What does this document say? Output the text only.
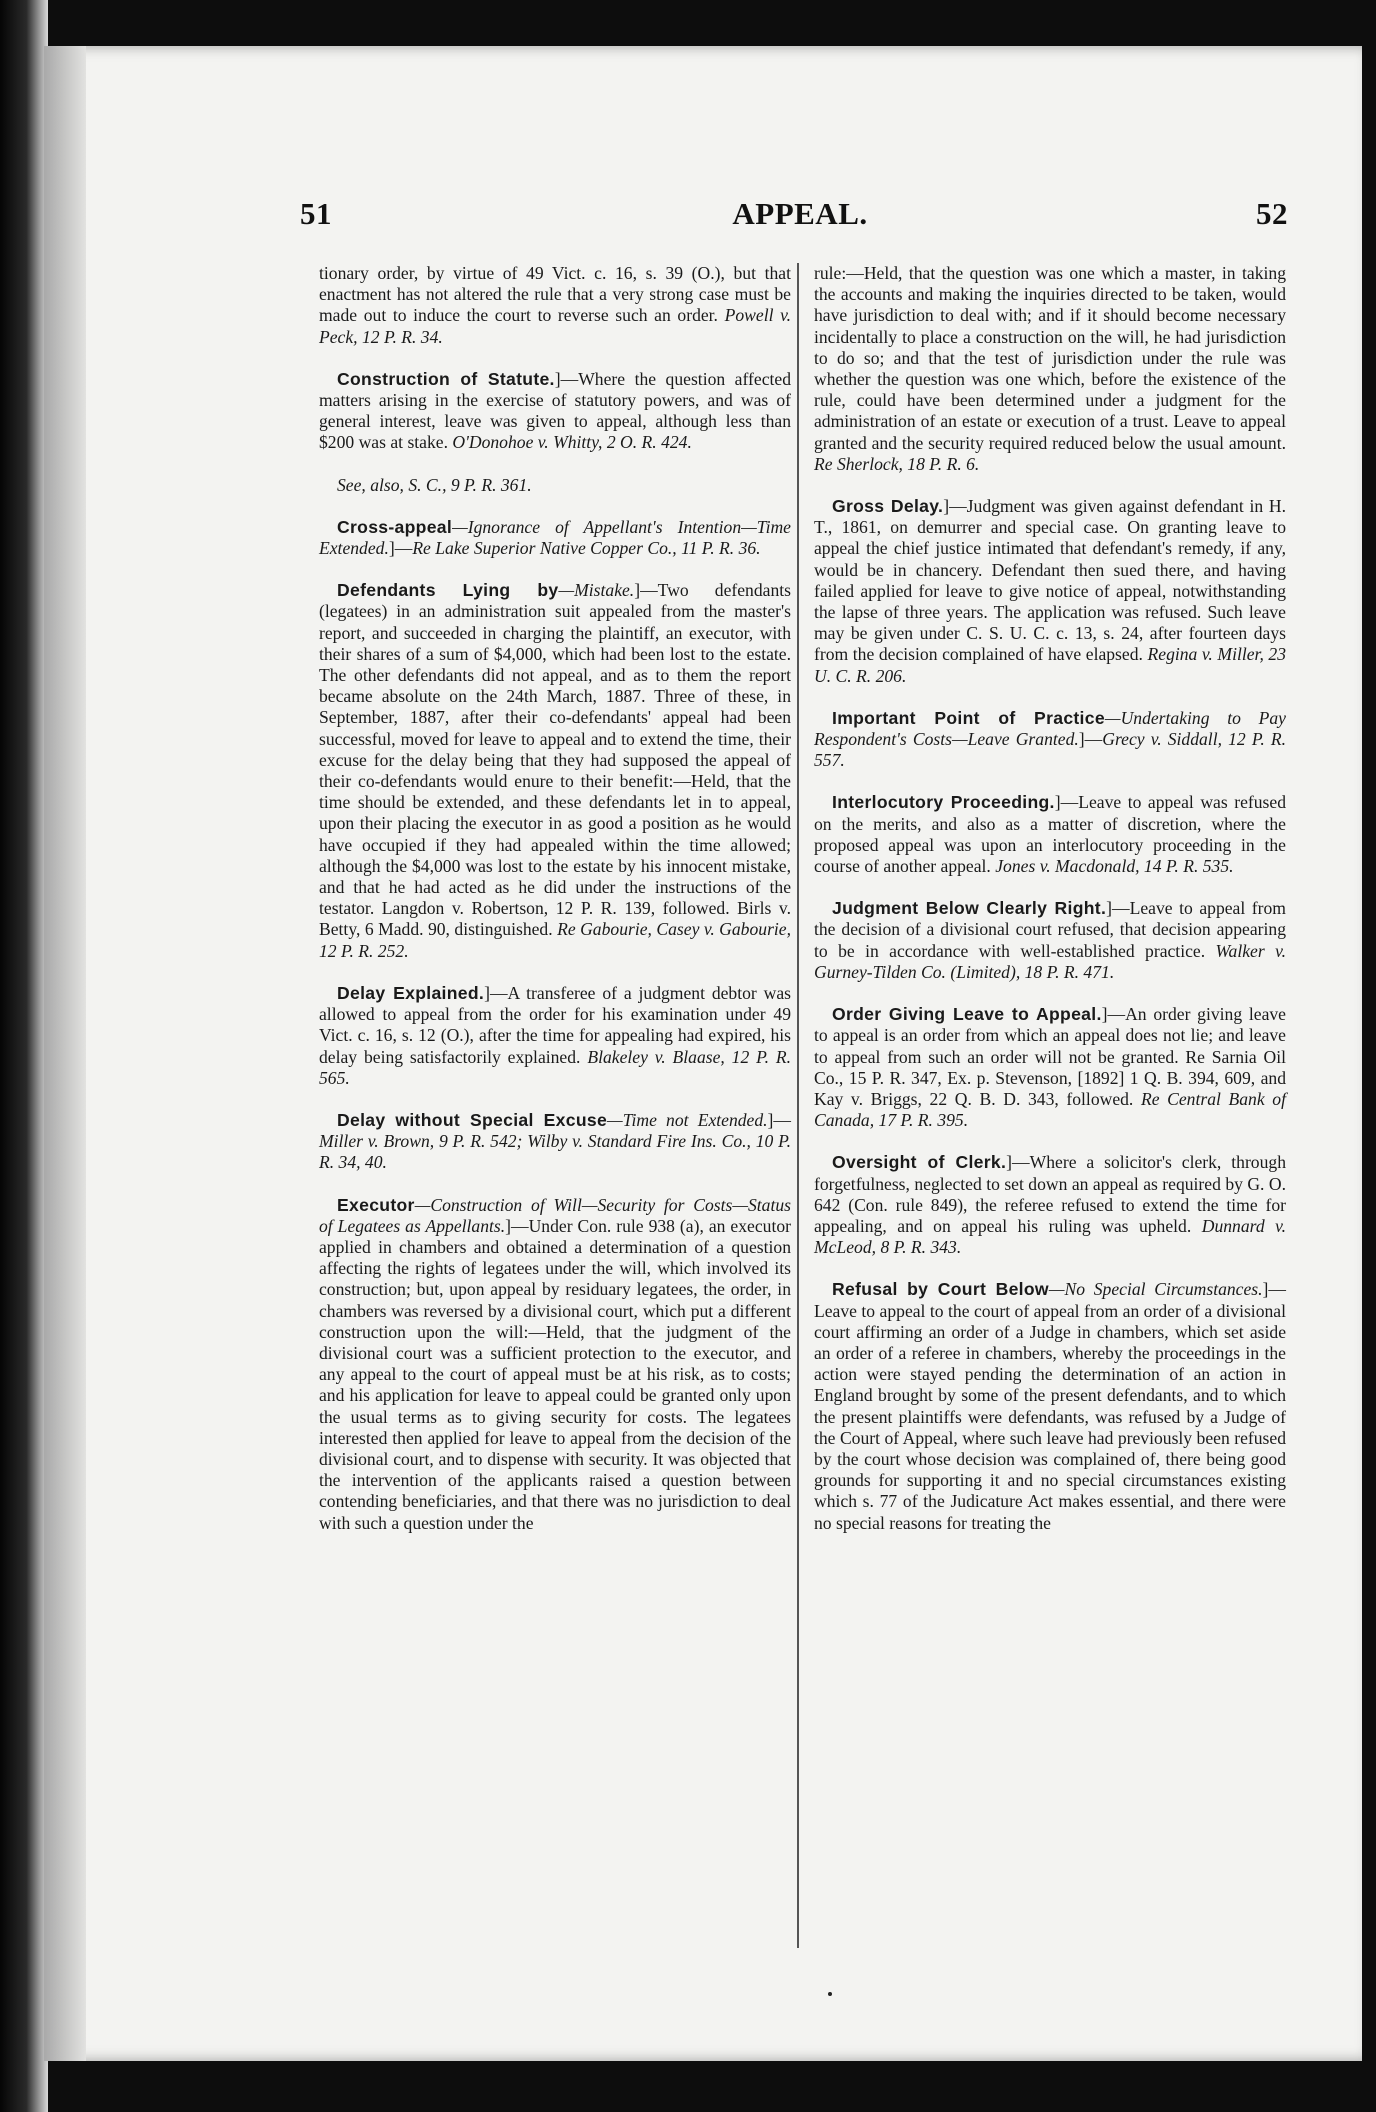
51	APPEAL.	52

tionary order, by virtue of 49 Vict. c. 16, s. 39 (O.), but that enactment has not altered the rule that a very strong case must be made out to induce the court to reverse such an order. Powell v. Peck, 12 P. R. 34.

Construction of Statute.]—Where the question affected matters arising in the exercise of statutory powers, and was of general interest, leave was given to appeal, although less than $200 was at stake. O'Donohoe v. Whitty, 2 O. R. 424.

See, also, S. C., 9 P. R. 361.

Cross-appeal—Ignorance of Appellant's Intention—Time Extended.]—Re Lake Superior Native Copper Co., 11 P. R. 36.

Defendants Lying by—Mistake.]—Two defendants (legatees) in an administration suit appealed from the master's report, and succeeded in charging the plaintiff, an executor, with their shares of a sum of $4,000, which had been lost to the estate. The other defendants did not appeal, and as to them the report became absolute on the 24th March, 1887. Three of these, in September, 1887, after their co-defendants' appeal had been successful, moved for leave to appeal and to extend the time, their excuse for the delay being that they had supposed the appeal of their co-defendants would enure to their benefit:—Held, that the time should be extended, and these defendants let in to appeal, upon their placing the executor in as good a position as he would have occupied if they had appealed within the time allowed; although the $4,000 was lost to the estate by his innocent mistake, and that he had acted as he did under the instructions of the testator. Langdon v. Robertson, 12 P. R. 139, followed. Birls v. Betty, 6 Madd. 90, distinguished. Re Gabourie, Casey v. Gabourie, 12 P. R. 252.

Delay Explained.]—A transferee of a judgment debtor was allowed to appeal from the order for his examination under 49 Vict. c. 16, s. 12 (O.), after the time for appealing had expired, his delay being satisfactorily explained. Blakeley v. Blaase, 12 P. R. 565.

Delay without Special Excuse—Time not Extended.]—Miller v. Brown, 9 P. R. 542; Wilby v. Standard Fire Ins. Co., 10 P. R. 34, 40.

Executor—Construction of Will—Security for Costs—Status of Legatees as Appellants.]—Under Con. rule 938 (a), an executor applied in chambers and obtained a determination of a question affecting the rights of legatees under the will, which involved its construction; but, upon appeal by residuary legatees, the order, in chambers was reversed by a divisional court, which put a different construction upon the will:—Held, that the judgment of the divisional court was a sufficient protection to the executor, and any appeal to the court of appeal must be at his risk, as to costs; and his application for leave to appeal could be granted only upon the usual terms as to giving security for costs. The legatees interested then applied for leave to appeal from the decision of the divisional court, and to dispense with security. It was objected that the intervention of the applicants raised a question between contending beneficiaries, and that there was no jurisdiction to deal with such a question under the

rule:—Held, that the question was one which a master, in taking the accounts and making the inquiries directed to be taken, would have jurisdiction to deal with; and if it should become necessary incidentally to place a construction on the will, he had jurisdiction to do so; and that the test of jurisdiction under the rule was whether the question was one which, before the existence of the rule, could have been determined under a judgment for the administration of an estate or execution of a trust. Leave to appeal granted and the security required reduced below the usual amount. Re Sherlock, 18 P. R. 6.

Gross Delay.]—Judgment was given against defendant in H. T., 1861, on demurrer and special case. On granting leave to appeal the chief justice intimated that defendant's remedy, if any, would be in chancery. Defendant then sued there, and having failed applied for leave to give notice of appeal, notwithstanding the lapse of three years. The application was refused. Such leave may be given under C. S. U. C. c. 13, s. 24, after fourteen days from the decision complained of have elapsed. Regina v. Miller, 23 U. C. R. 206.

Important Point of Practice—Undertaking to Pay Respondent's Costs—Leave Granted.]—Grecy v. Siddall, 12 P. R. 557.

Interlocutory Proceeding.]—Leave to appeal was refused on the merits, and also as a matter of discretion, where the proposed appeal was upon an interlocutory proceeding in the course of another appeal. Jones v. Macdonald, 14 P. R. 535.

Judgment Below Clearly Right.]—Leave to appeal from the decision of a divisional court refused, that decision appearing to be in accordance with well-established practice. Walker v. Gurney-Tilden Co. (Limited), 18 P. R. 471.

Order Giving Leave to Appeal.]—An order giving leave to appeal is an order from which an appeal does not lie; and leave to appeal from such an order will not be granted. Re Sarnia Oil Co., 15 P. R. 347, Ex. p. Stevenson, [1892] 1 Q. B. 394, 609, and Kay v. Briggs, 22 Q. B. D. 343, followed. Re Central Bank of Canada, 17 P. R. 395.

Oversight of Clerk.]—Where a solicitor's clerk, through forgetfulness, neglected to set down an appeal as required by G. O. 642 (Con. rule 849), the referee refused to extend the time for appealing, and on appeal his ruling was upheld. Dunnard v. McLeod, 8 P. R. 343.

Refusal by Court Below—No Special Circumstances.]—Leave to appeal to the court of appeal from an order of a divisional court affirming an order of a Judge in chambers, which set aside an order of a referee in chambers, whereby the proceedings in the action were stayed pending the determination of an action in England brought by some of the present defendants, and to which the present plaintiffs were defendants, was refused by a Judge of the Court of Appeal, where such leave had previously been refused by the court whose decision was complained of, there being good grounds for supporting it and no special circumstances existing which s. 77 of the Judicature Act makes essential, and there were no special reasons for treating the
